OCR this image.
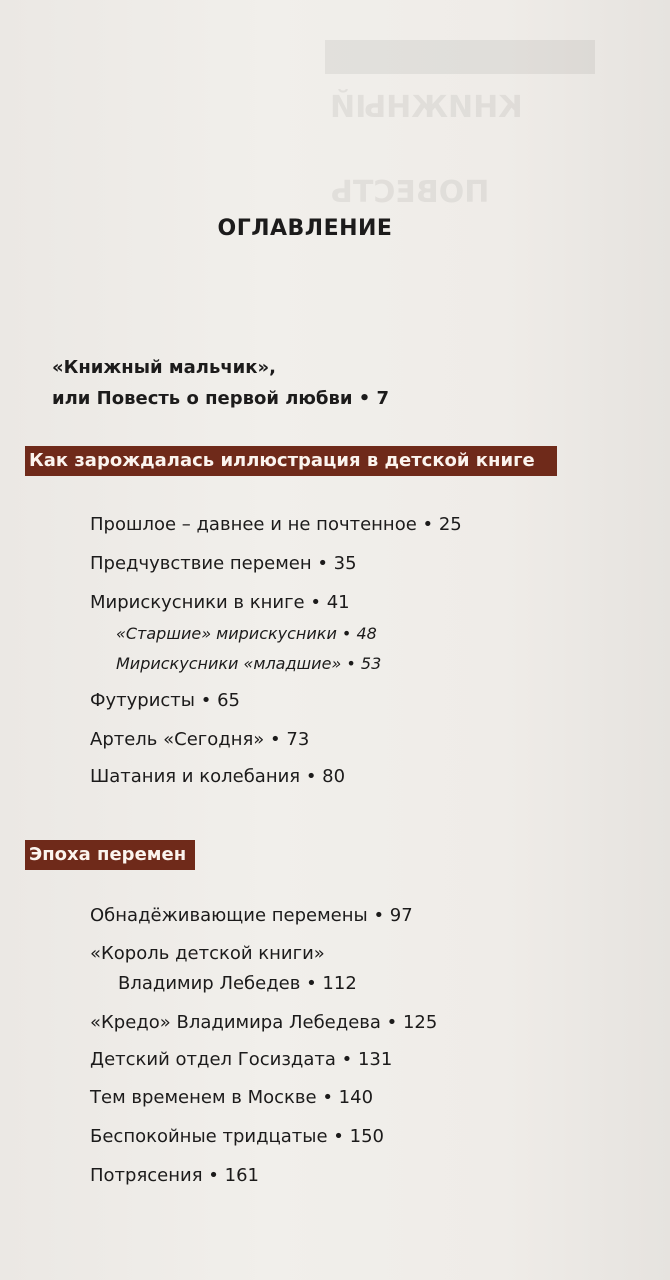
КНИЖНЫЙ
ПОВЕСТЬ
ОГЛАВЛЕНИЕ
«Книжный мальчик»,
или Повесть о первой любви • 7
Как зарождалась иллюстрация в детской книге
Прошлое – давнее и не почтенное • 25
Предчувствие перемен • 35
Мирискусники в книге • 41
«Старшие» мирискусники • 48
Мирискусники «младшие» • 53
Футуристы • 65
Артель «Сегодня» • 73
Шатания и колебания • 80
Эпоха перемен
Обнадёживающие перемены • 97
«Король детской книги»
Владимир Лебедев • 112
«Кредо» Владимира Лебедева • 125
Детский отдел Госиздата • 131
Тем временем в Москве • 140
Беспокойные тридцатые • 150
Потрясения • 161
